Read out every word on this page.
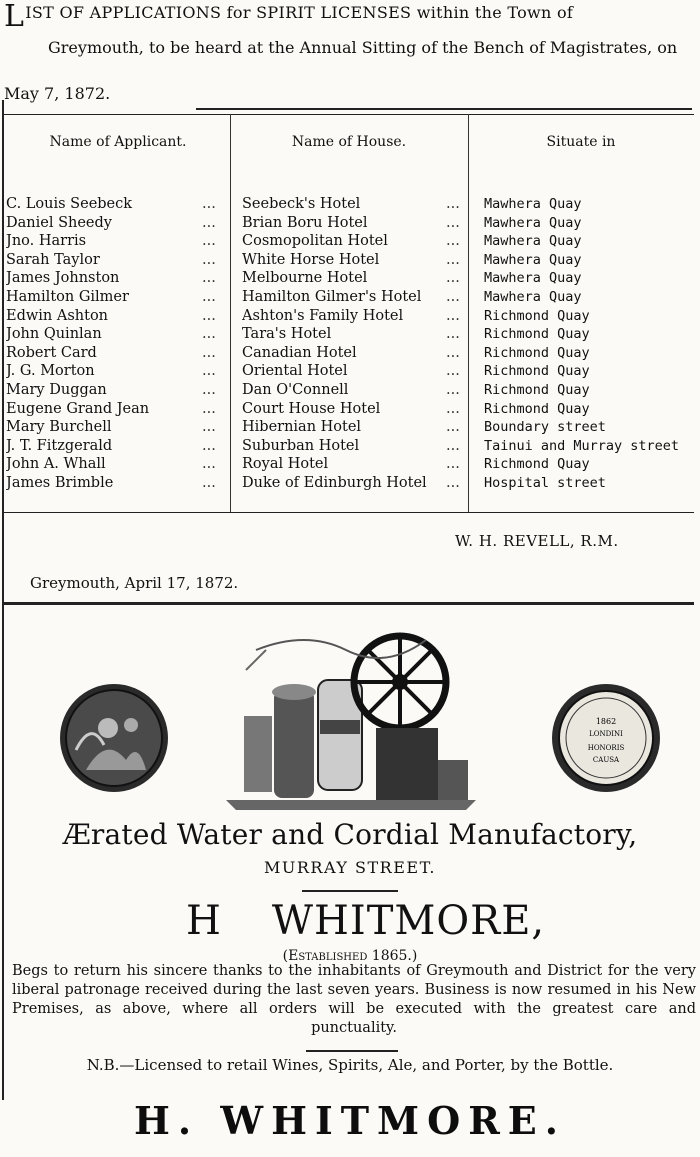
LIST OF APPLICATIONS for SPIRIT LICENSES within the Town of
Greymouth, to be heard at the Annual Sitting of the Bench of Magistrates, on
May 7, 1872.
Name of Applicant.	Name of House.	Situate in
C. Louis Seebeck	... Seebeck's Hotel	... Mawhera Quay
Daniel Sheedy	... Brian Boru Hotel	... Mawhera Quay
Jno. Harris	... Cosmopolitan Hotel	... Mawhera Quay
Sarah Taylor	... White Horse Hotel	... Mawhera Quay
James Johnston	... Melbourne Hotel	... Mawhera Quay
Hamilton Gilmer	... Hamilton Gilmer's Hotel ... Mawhera Quay
Edwin Ashton	... Ashton's Family Hotel	... Richmond Quay
John Quinlan	... Tara's Hotel	... Richmond Quay
Robert Card	... Canadian Hotel	... Richmond Quay
J. G. Morton	... Oriental Hotel	... Richmond Quay
Mary Duggan	... Dan O'Connell	... Richmond Quay
Eugene Grand Jean	... Court House Hotel	... Richmond Quay
Mary Burchell	... Hibernian Hotel	... Boundary street
J. T. Fitzgerald	... Suburban Hotel	... Tainui and Murray street
John A. Whall	... Royal Hotel	... Richmond Quay
James Brimble	... Duke of Edinburgh Hotel ... Hospital street
W. H. REVELL, R.M.
Greymouth, April 17, 1872.
1862
LONDINI
HONORIS
CAUSA
Ærated Water and Cordial Manufactory,
MURRAY STREET.
H WHITMORE,
(Established 1865.)
Begs to return his sincere thanks to the inhabitants of Greymouth and District for the very liberal patronage received during the last seven years. Business is now resumed in his New Premises, as above, where all orders will be executed with the greatest care and punctuality.
N.B.—Licensed to retail Wines, Spirits, Ale, and Porter, by the Bottle.
H. WHITMORE.
